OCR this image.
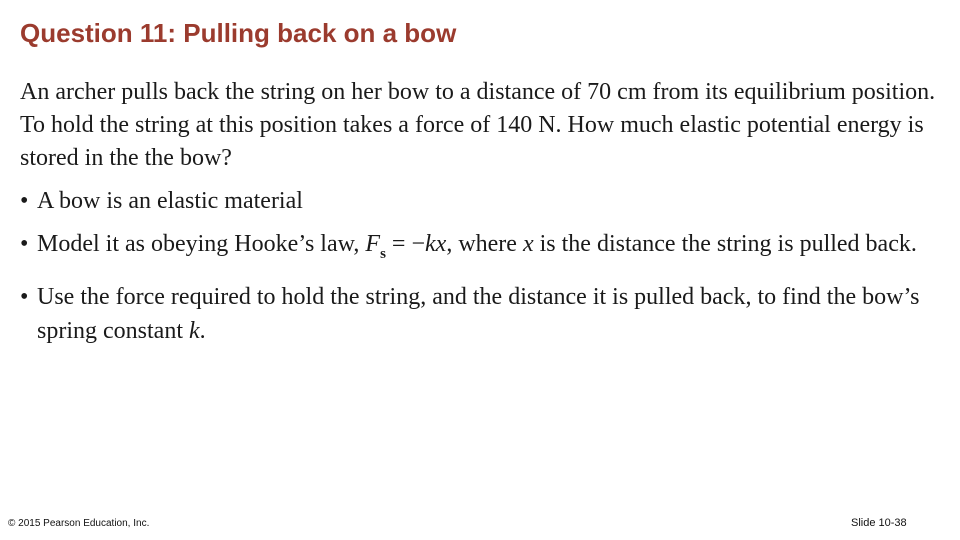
Question 11: Pulling back on a bow
An archer pulls back the string on her bow to a distance of 70 cm from its equilibrium position. To hold the string at this position takes a force of 140 N. How much elastic potential energy is stored in the the bow?
• A bow is an elastic material
• Model it as obeying Hooke’s law, $F_s = -kx$, where x is the distance the string is pulled back.
• Use the force required to hold the string, and the distance it is pulled back, to find the bow’s spring constant k.
© 2015 Pearson Education, Inc.	Slide 10-38
